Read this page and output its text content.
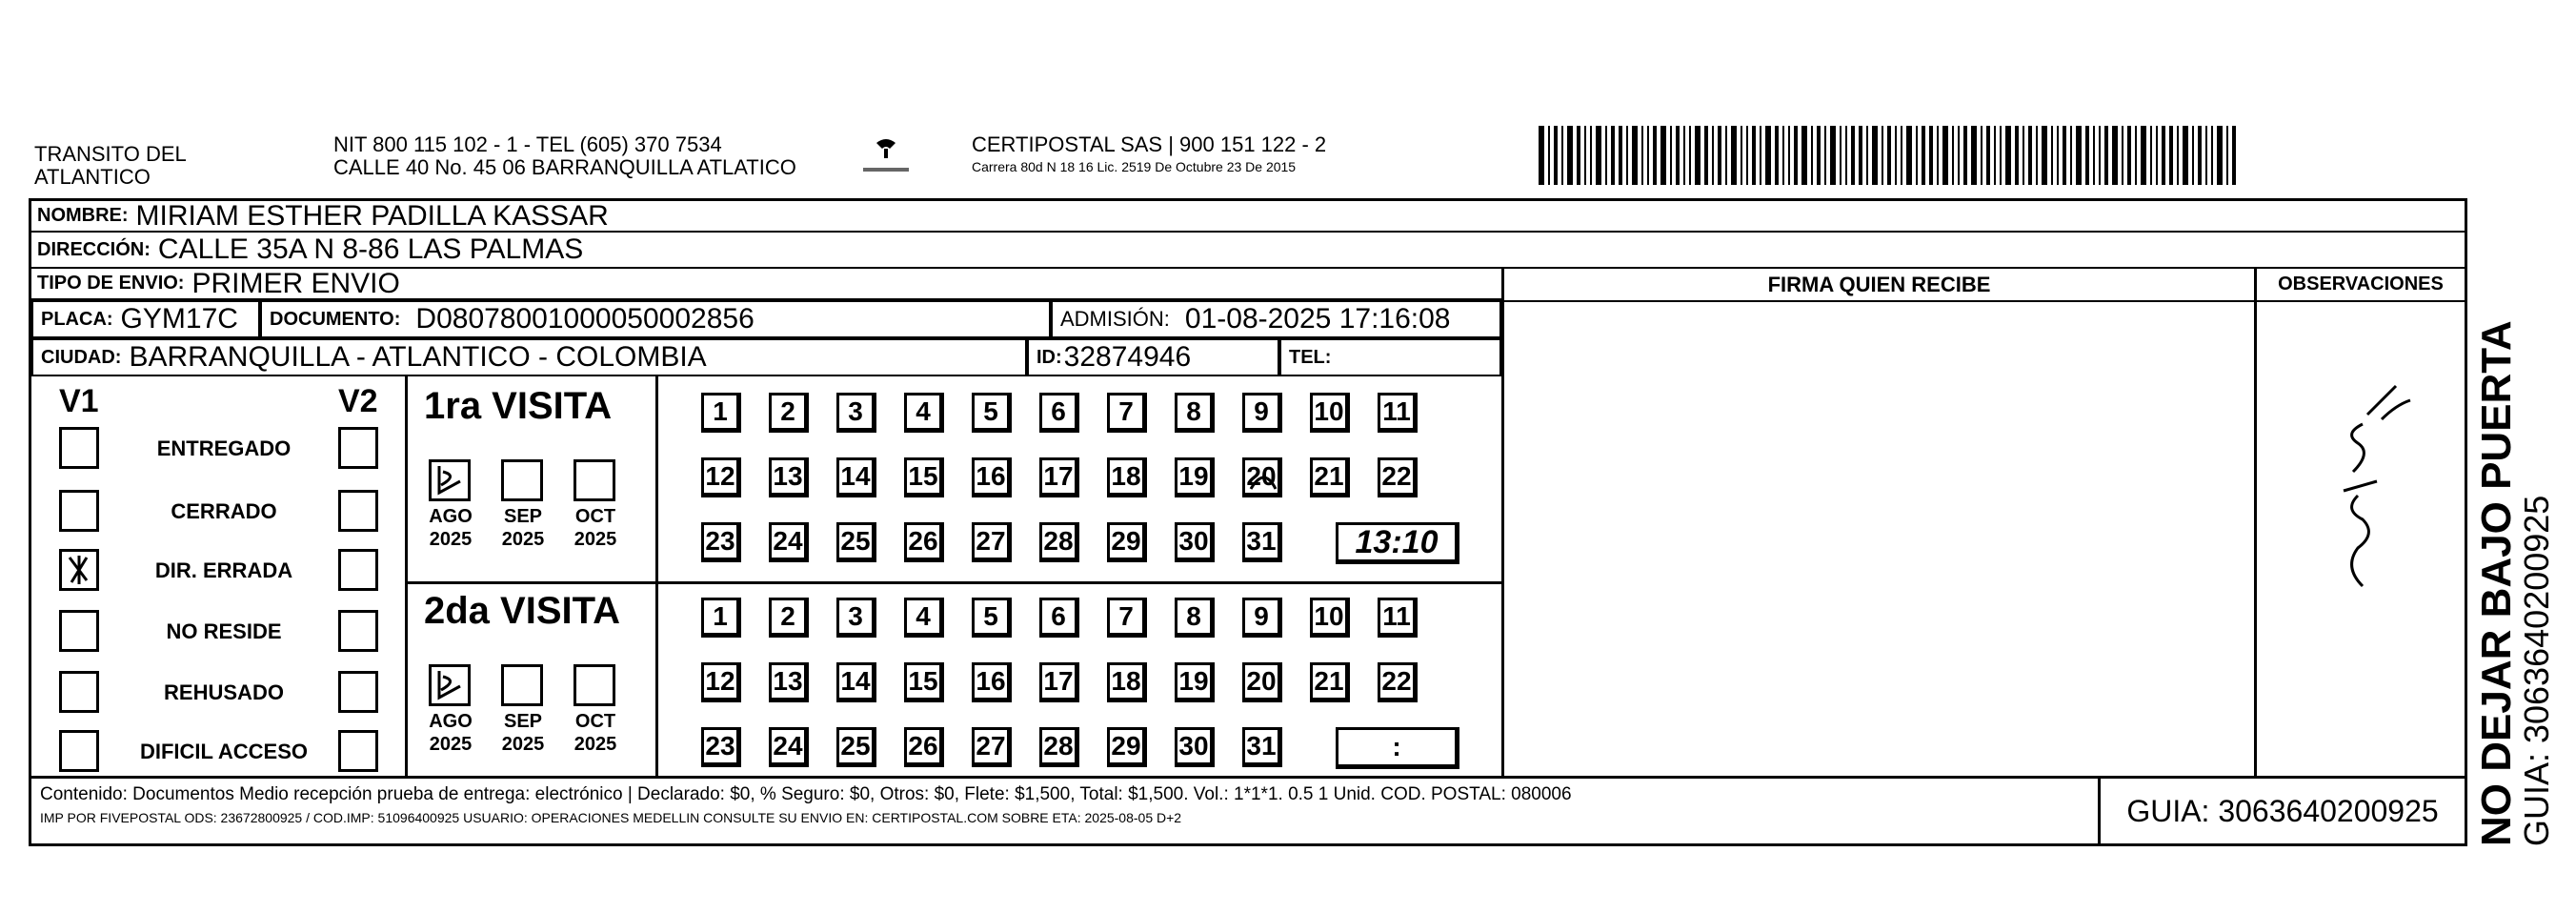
TRANSITO DEL
ATLANTICO
NIT 800 115 102 - 1 - TEL (605) 370 7534
CALLE 40 No. 45 06 BARRANQUILLA ATLATICO
CERTIPOSTAL SAS | 900 151 122 - 2
Carrera 80d N 18 16 Lic. 2519 De Octubre 23 De 2015
NOMBRE: MIRIAM ESTHER PADILLA KASSAR
DIRECCIÓN: CALLE 35A N 8-86 LAS PALMAS
TIPO DE ENVIO: PRIMER ENVIO
PLACA: GYM17C DOCUMENTO: D08078001000050002856	ADMISIÓN: 01-08-2025 17:16:08
CIUDAD: BARRANQUILLA - ATLANTICO - COLOMBIA	ID: 32874946	TEL:
FIRMA QUIEN RECIBE	OBSERVACIONES
V1	V2
ENTREGADO
CERRADO
DIR. ERRADA
NO RESIDE
REHUSADO
DIFICIL ACCESO
1ra VISITA
AGO
2025
SEP
2025
OCT
2025
1	2	3	4	5	6	7	8	9	10 11
12 13 14 15 16 17 18 19 20 21 22
23 24 25 26 27 28 29 30 31	13:10
2da VISITA
AGO
2025
SEP
2025
OCT
2025
1	2	3	4	5	6	7	8	9	10 11
12 13 14 15 16 17 18 19 20 21 22
23 24 25 26 27 28 29 30 31	:
Contenido: Documentos Medio recepción prueba de entrega: electrónico | Declarado: $0, % Seguro: $0, Otros: $0, Flete: $1,500, Total: $1,500. Vol.: 1*1*1. 0.5 1 Unid. COD. POSTAL: 080006
IMP POR FIVEPOSTAL ODS: 23672800925 / COD.IMP: 51096400925 USUARIO: OPERACIONES MEDELLIN CONSULTE SU ENVIO EN: CERTIPOSTAL.COM SOBRE ETA: 2025-08-05 D+2	GUIA: 3063640200925 NO DEJAR BAJO PUERTA
GUIA: 3063640200925
